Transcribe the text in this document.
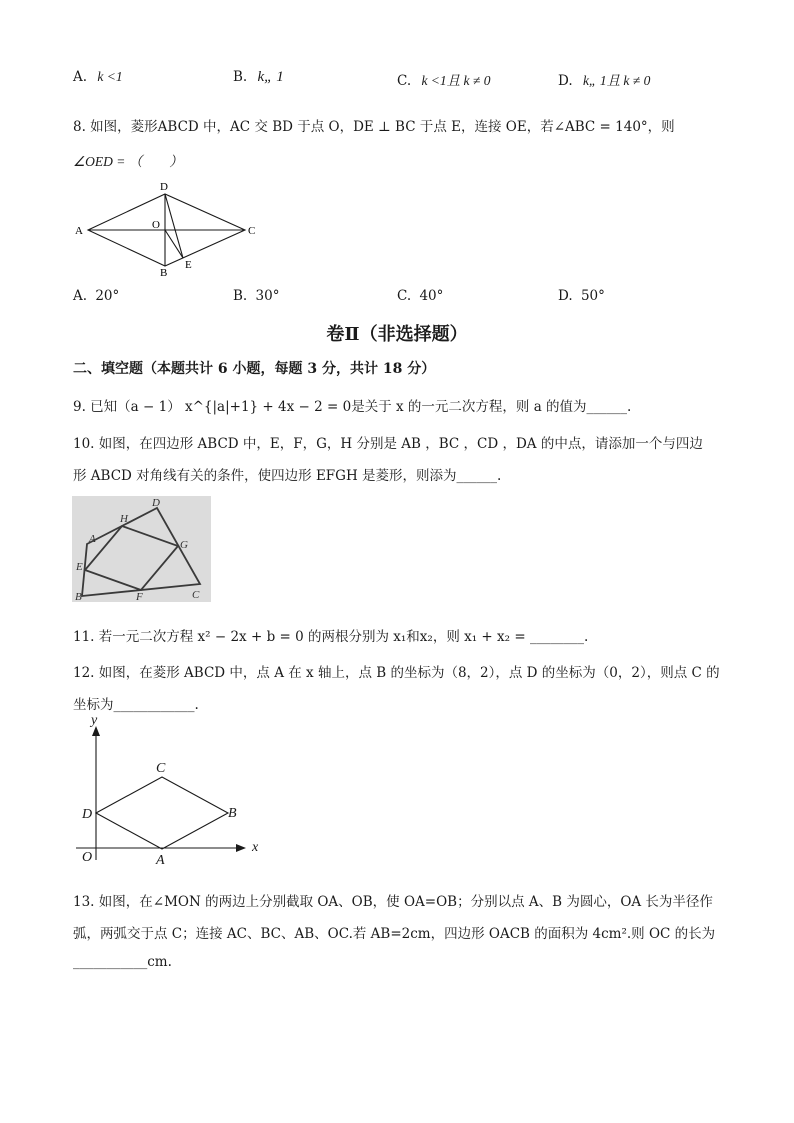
A. k <1	B. k„ 1	C. k <1且 k ≠ 0	D. k„ 1且 k ≠ 0
8. 如图，菱形ABCD 中，AC 交 BD 于点 O，DE ⊥ BC 于点 E，连接 OE，若∠ABC = 140°，则
∠OED = （　　）
A
D
C
B
O
E
A. 20°	B. 30°	C. 40°	D. 50°
卷Ⅱ（非选择题）
二、填空题（本题共计 6 小题，每题 3 分，共计 18 分）
9. 已知（a − 1） x^{|a|+1} + 4x − 2 = 0是关于 x 的一元二次方程，则 a 的值为______.
10. 如图，在四边形 ABCD 中，E，F，G，H 分别是 AB ，BC ，CD ，DA 的中点，请添加一个与四边
形 ABCD 对角线有关的条件，使四边形 EFGH 是菱形，则添为______.
A
D
C
B
E
F
G
H
11. 若一元二次方程 x² − 2x + b = 0 的两根分别为 x₁和x₂，则 x₁ + x₂ = ________.
12. 如图，在菱形 ABCD 中，点 A 在 x 轴上，点 B 的坐标为（8，2），点 D 的坐标为（0，2），则点 C 的
坐标为____________.
y
x
O	A
B
C
D
13. 如图，在∠MON 的两边上分别截取 OA、OB，使 OA=OB；分别以点 A、B 为圆心，OA 长为半径作
弧，两弧交于点 C；连接 AC、BC、AB、OC.若 AB=2cm，四边形 OACB 的面积为 4cm².则 OC 的长为
___________cm.
